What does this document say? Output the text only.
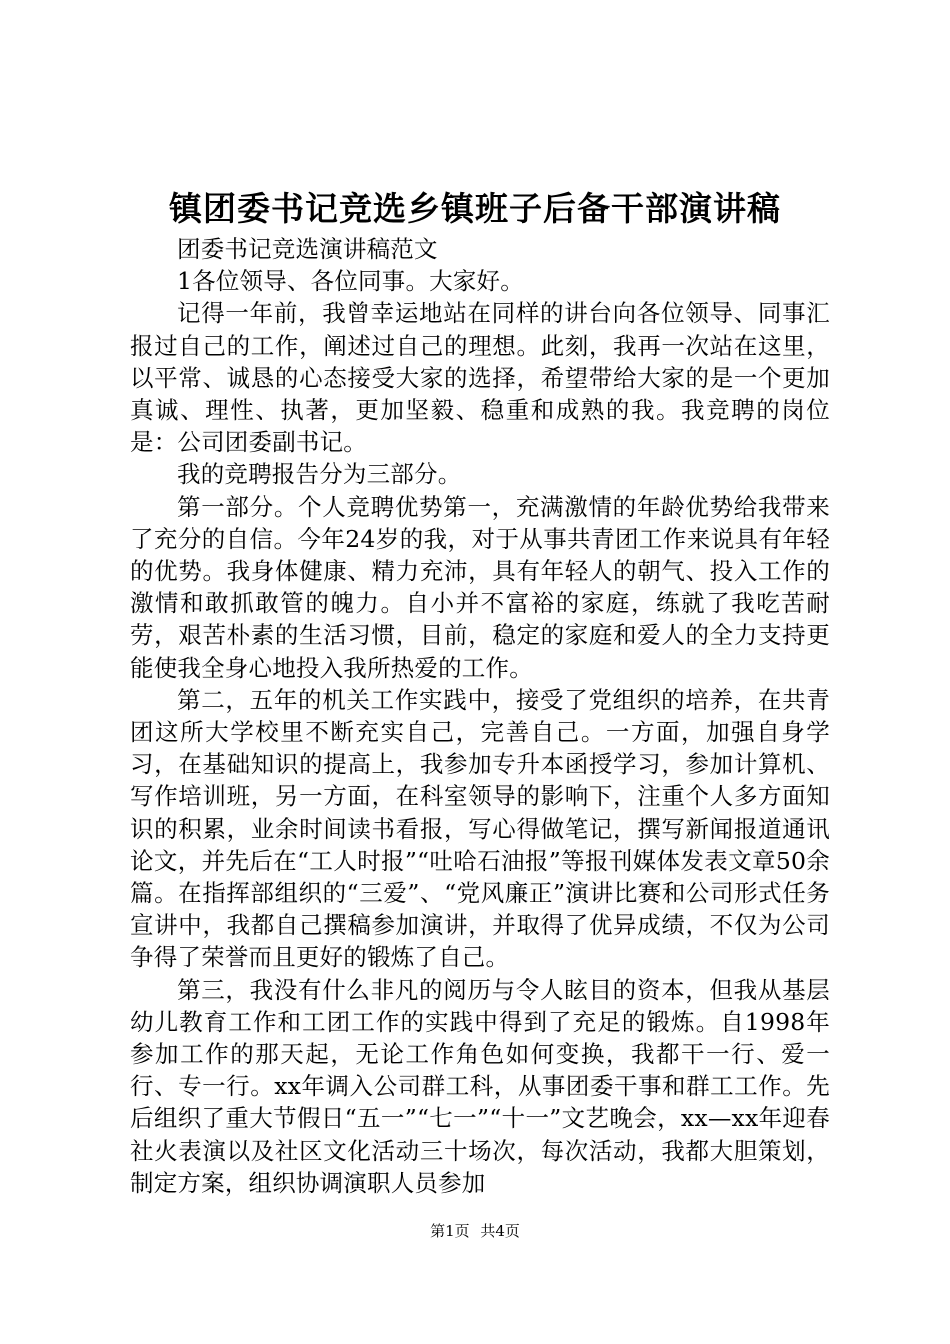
镇团委书记竞选乡镇班子后备干部演讲稿

团委书记竞选演讲稿范文

1各位领导、各位同事。大家好。

记得一年前，我曾幸运地站在同样的讲台向各位领导、同事汇报过自己的工作，阐述过自己的理想。此刻，我再一次站在这里，以平常、诚恳的心态接受大家的选择，希望带给大家的是一个更加真诚、理性、执著，更加坚毅、稳重和成熟的我。我竞聘的岗位是：公司团委副书记。

我的竞聘报告分为三部分。

第一部分。个人竞聘优势第一，充满激情的年龄优势给我带来了充分的自信。今年24岁的我，对于从事共青团工作来说具有年轻的优势。我身体健康、精力充沛，具有年轻人的朝气、投入工作的激情和敢抓敢管的魄力。自小并不富裕的家庭，练就了我吃苦耐劳，艰苦朴素的生活习惯，目前，稳定的家庭和爱人的全力支持更能使我全身心地投入我所热爱的工作。

第二，五年的机关工作实践中，接受了党组织的培养，在共青团这所大学校里不断充实自己，完善自己。一方面，加强自身学习，在基础知识的提高上，我参加专升本函授学习，参加计算机、写作培训班，另一方面，在科室领导的影响下，注重个人多方面知识的积累，业余时间读书看报，写心得做笔记，撰写新闻报道通讯论文，并先后在“工人时报”“吐哈石油报”等报刊媒体发表文章50余篇。在指挥部组织的“三爱”、“党风廉正”演讲比赛和公司形式任务宣讲中，我都自己撰稿参加演讲，并取得了优异成绩，不仅为公司争得了荣誉而且更好的锻炼了自己。

第三，我没有什么非凡的阅历与令人眩目的资本，但我从基层幼儿教育工作和工团工作的实践中得到了充足的锻炼。自1998年参加工作的那天起，无论工作角色如何变换，我都干一行、爱一行、专一行。xx年调入公司群工科，从事团委干事和群工工作。先后组织了重大节假日“五一”“七一”“十一”文艺晚会，xx—xx年迎春社火表演以及社区文化活动三十场次，每次活动，我都大胆策划，制定方案，组织协调演职人员参加

第1页 共4页
